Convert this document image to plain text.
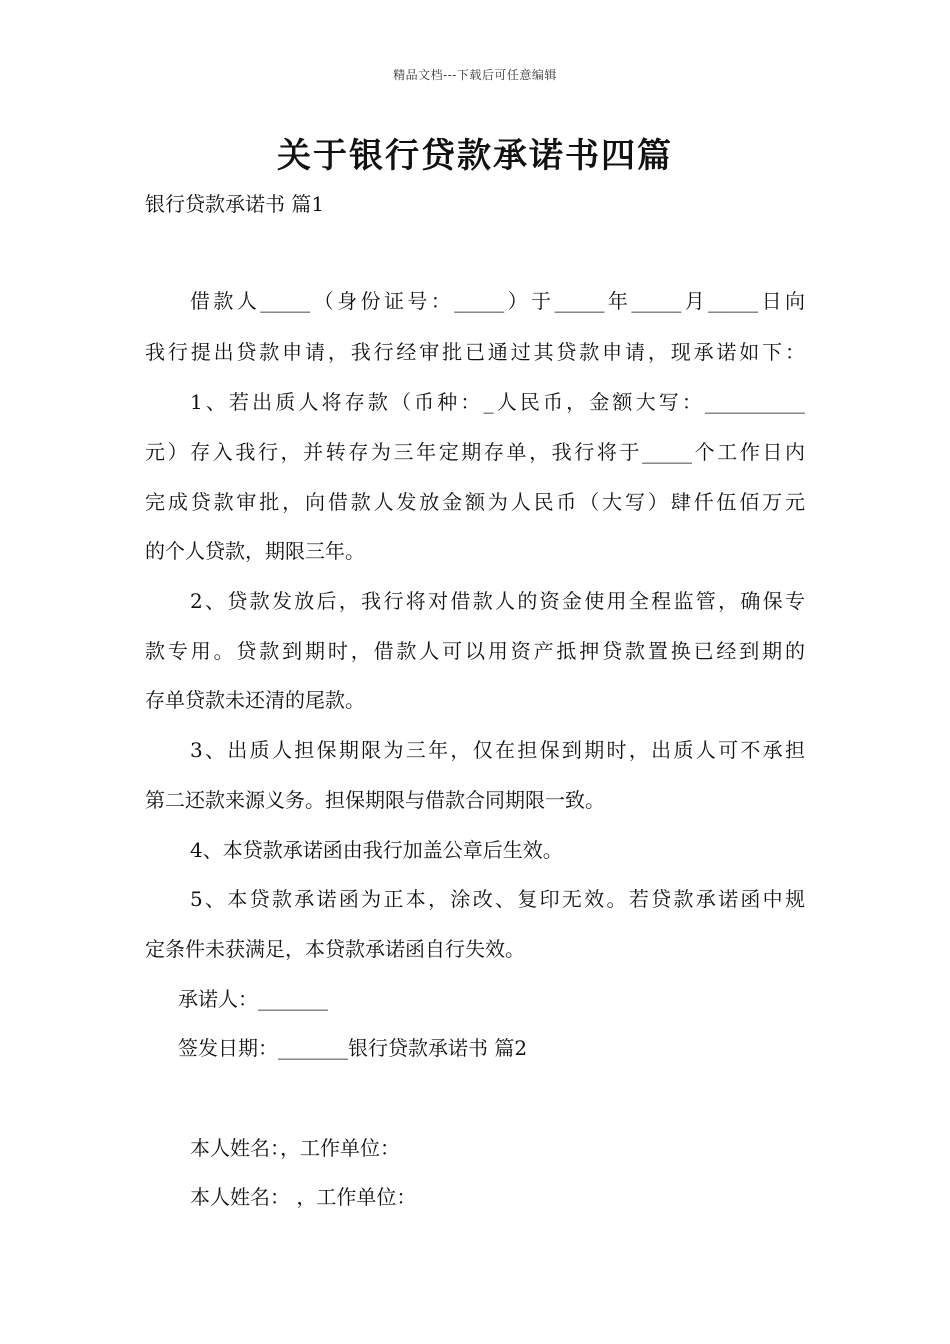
精品文档---下载后可任意编辑
关于银行贷款承诺书四篇

银行贷款承诺书 篇1

借款人_____（身份证号：_____）于_____年_____月_____日向

我行提出贷款申请，我行经审批已通过其贷款申请，现承诺如下：

1、若出质人将存款（币种：_人民币，金额大写：__________

元）存入我行，并转存为三年定期存单，我行将于_____个工作日内

完成贷款审批，向借款人发放金额为人民币（大写）肆仟伍佰万元

的个人贷款，期限三年。

2、贷款发放后，我行将对借款人的资金使用全程监管，确保专

款专用。贷款到期时，借款人可以用资产抵押贷款置换已经到期的

存单贷款未还清的尾款。

3、出质人担保期限为三年，仅在担保到期时，出质人可不承担

第二还款来源义务。担保期限与借款合同期限一致。

4、本贷款承诺函由我行加盖公章后生效。

5、本贷款承诺函为正本，涂改、复印无效。若贷款承诺函中规

定条件未获满足，本贷款承诺函自行失效。

承诺人：_______

签发日期：_______银行贷款承诺书 篇2

本人姓名：，工作单位：

本人姓名： ，工作单位：
